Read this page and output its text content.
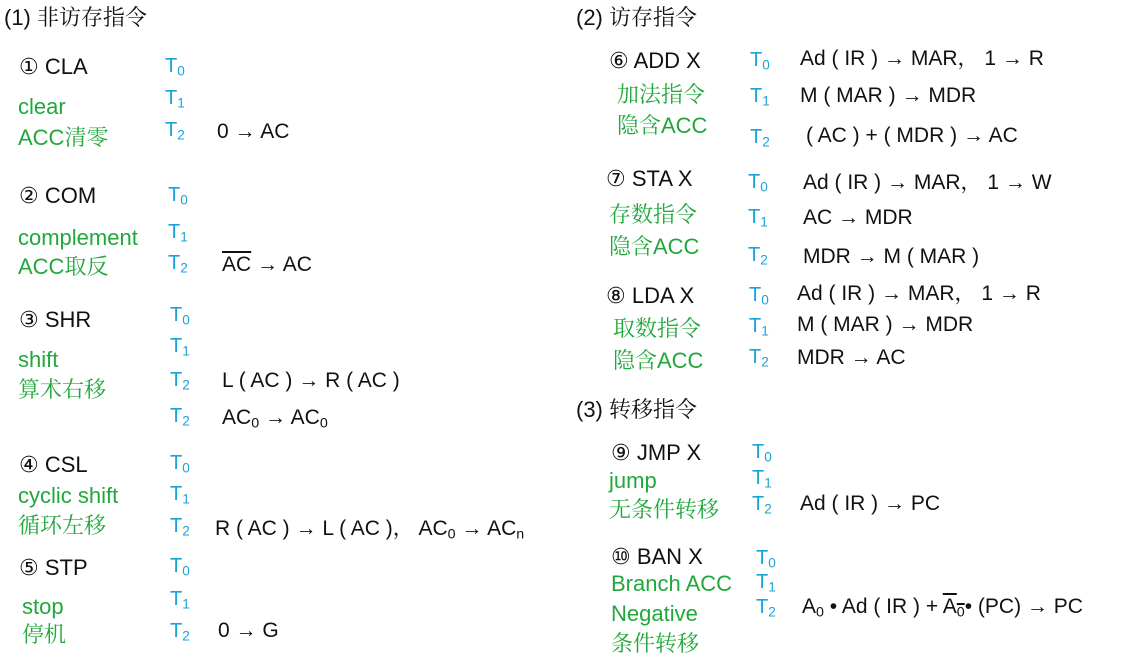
(1) 非访存指令	(2) 访存指令
(3) 转移指令
① CLA
clear
ACC清零
$T_0$
$T_1$
$T_2$ 0 → AC
② COM
complement
ACC取反
$T_0$
$T_1$
$T_2$ $\overline{AC}$ → AC
③ SHR
shift
算术右移
$T_0$
$T_1$
$T_2$
$T_2$
L ( AC ) → R ( AC )
$AC_0 \to AC_0$
④ CSL
cyclic shift
循环左移
$T_0$
$T_1$
$T_2$ R ( AC ) → L ( AC )， $AC_0 \to AC_n$
⑤ STP
stop
停机
$T_0$
$T_1$
$T_2$ 0 → G
⑥ ADD X
加法指令
隐含ACC
$T_0$
$T_1$
$T_2$
Ad ( IR ) → MAR， 1 → R
M ( MAR ) → MDR
( AC ) + ( MDR ) → AC
⑦ STA X
存数指令
隐含ACC
$T_0$
$T_1$
$T_2$
Ad ( IR ) → MAR， 1 → W
AC → MDR
MDR → M ( MAR )
⑧ LDA X
取数指令
隐含ACC
$T_0$
$T_1$
$T_2$
Ad ( IR ) → MAR， 1 → R
M ( MAR ) → MDR
MDR → AC
⑨ JMP X
jump
无条件转移
$T_0$
$T_1$
$T_2$ Ad ( IR ) → PC
⑩ BAN X
Branch ACC
Negative
条件转移
$T_0$
$T_1$
$T_2$ $A_0$ • Ad ( IR ) + $A_0•$ (PC) → PC
